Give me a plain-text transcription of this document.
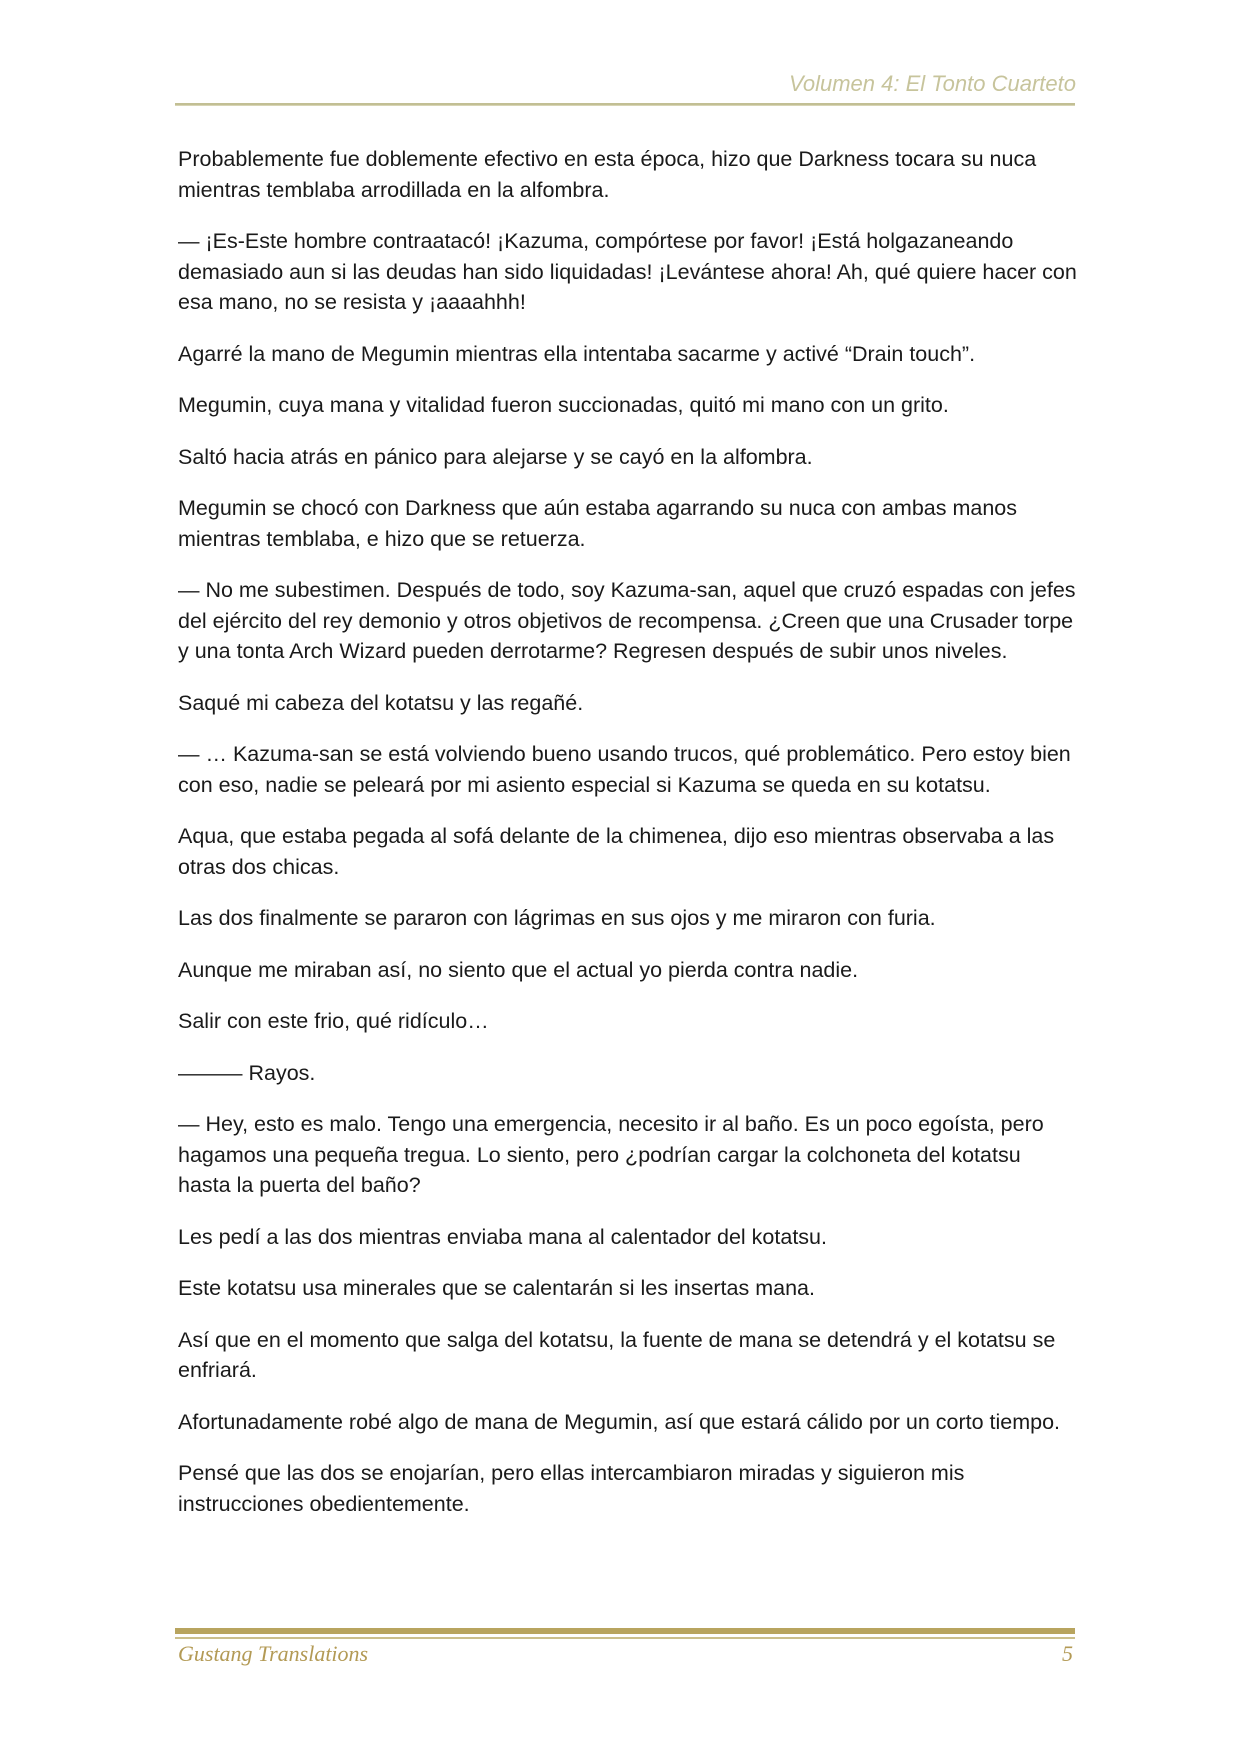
Volumen 4: El Tonto Cuarteto

Probablemente fue doblemente efectivo en esta época, hizo que Darkness tocara su nuca mientras temblaba arrodillada en la alfombra.

— ¡Es-Este hombre contraatacó! ¡Kazuma, compórtese por favor! ¡Está holgazaneando demasiado aun si las deudas han sido liquidadas! ¡Levántese ahora! Ah, qué quiere hacer con esa mano, no se resista y ¡aaaahhh!

Agarré la mano de Megumin mientras ella intentaba sacarme y activé “Drain touch”.

Megumin, cuya mana y vitalidad fueron succionadas, quitó mi mano con un grito.

Saltó hacia atrás en pánico para alejarse y se cayó en la alfombra.

Megumin se chocó con Darkness que aún estaba agarrando su nuca con ambas manos mientras temblaba, e hizo que se retuerza.

— No me subestimen. Después de todo, soy Kazuma-san, aquel que cruzó espadas con jefes del ejército del rey demonio y otros objetivos de recompensa. ¿Creen que una Crusader torpe y una tonta Arch Wizard pueden derrotarme? Regresen después de subir unos niveles.

Saqué mi cabeza del kotatsu y las regañé.

— … Kazuma-san se está volviendo bueno usando trucos, qué problemático. Pero estoy bien con eso, nadie se peleará por mi asiento especial si Kazuma se queda en su kotatsu.

Aqua, que estaba pegada al sofá delante de la chimenea, dijo eso mientras observaba a las otras dos chicas.

Las dos finalmente se pararon con lágrimas en sus ojos y me miraron con furia.

Aunque me miraban así, no siento que el actual yo pierda contra nadie.

Salir con este frio, qué ridículo…

——— Rayos.

— Hey, esto es malo. Tengo una emergencia, necesito ir al baño. Es un poco egoísta, pero hagamos una pequeña tregua. Lo siento, pero ¿podrían cargar la colchoneta del kotatsu hasta la puerta del baño?

Les pedí a las dos mientras enviaba mana al calentador del kotatsu.

Este kotatsu usa minerales que se calentarán si les insertas mana.

Así que en el momento que salga del kotatsu, la fuente de mana se detendrá y el kotatsu se enfriará.

Afortunadamente robé algo de mana de Megumin, así que estará cálido por un corto tiempo.

Pensé que las dos se enojarían, pero ellas intercambiaron miradas y siguieron mis instrucciones obedientemente.

Gustang Translations	5
